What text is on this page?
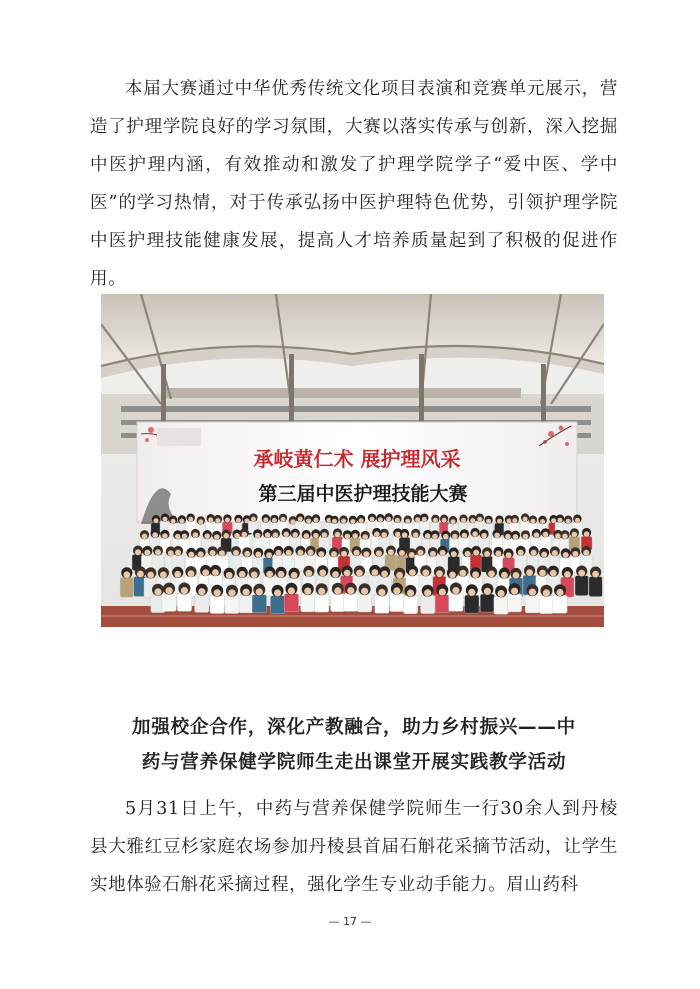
本届大赛通过中华优秀传统文化项目表演和竞赛单元展示，营造了护理学院良好的学习氛围，大赛以落实传承与创新，深入挖掘中医护理内涵，有效推动和激发了护理学院学子“爱中医、学中医”的学习热情，对于传承弘扬中医护理特色优势，引领护理学院中医护理技能健康发展，提高人才培养质量起到了积极的促进作用。

承岐黄仁术 展护理风采
第三届中医护理技能大赛

加强校企合作，深化产教融合，助力乡村振兴——中

药与营养保健学院师生走出课堂开展实践教学活动

5月31日上午，中药与营养保健学院师生一行30余人到丹棱县大雅红豆杉家庭农场参加丹棱县首届石斛花采摘节活动，让学生实地体验石斛花采摘过程，强化学生专业动手能力。眉山药科

— 17 —
